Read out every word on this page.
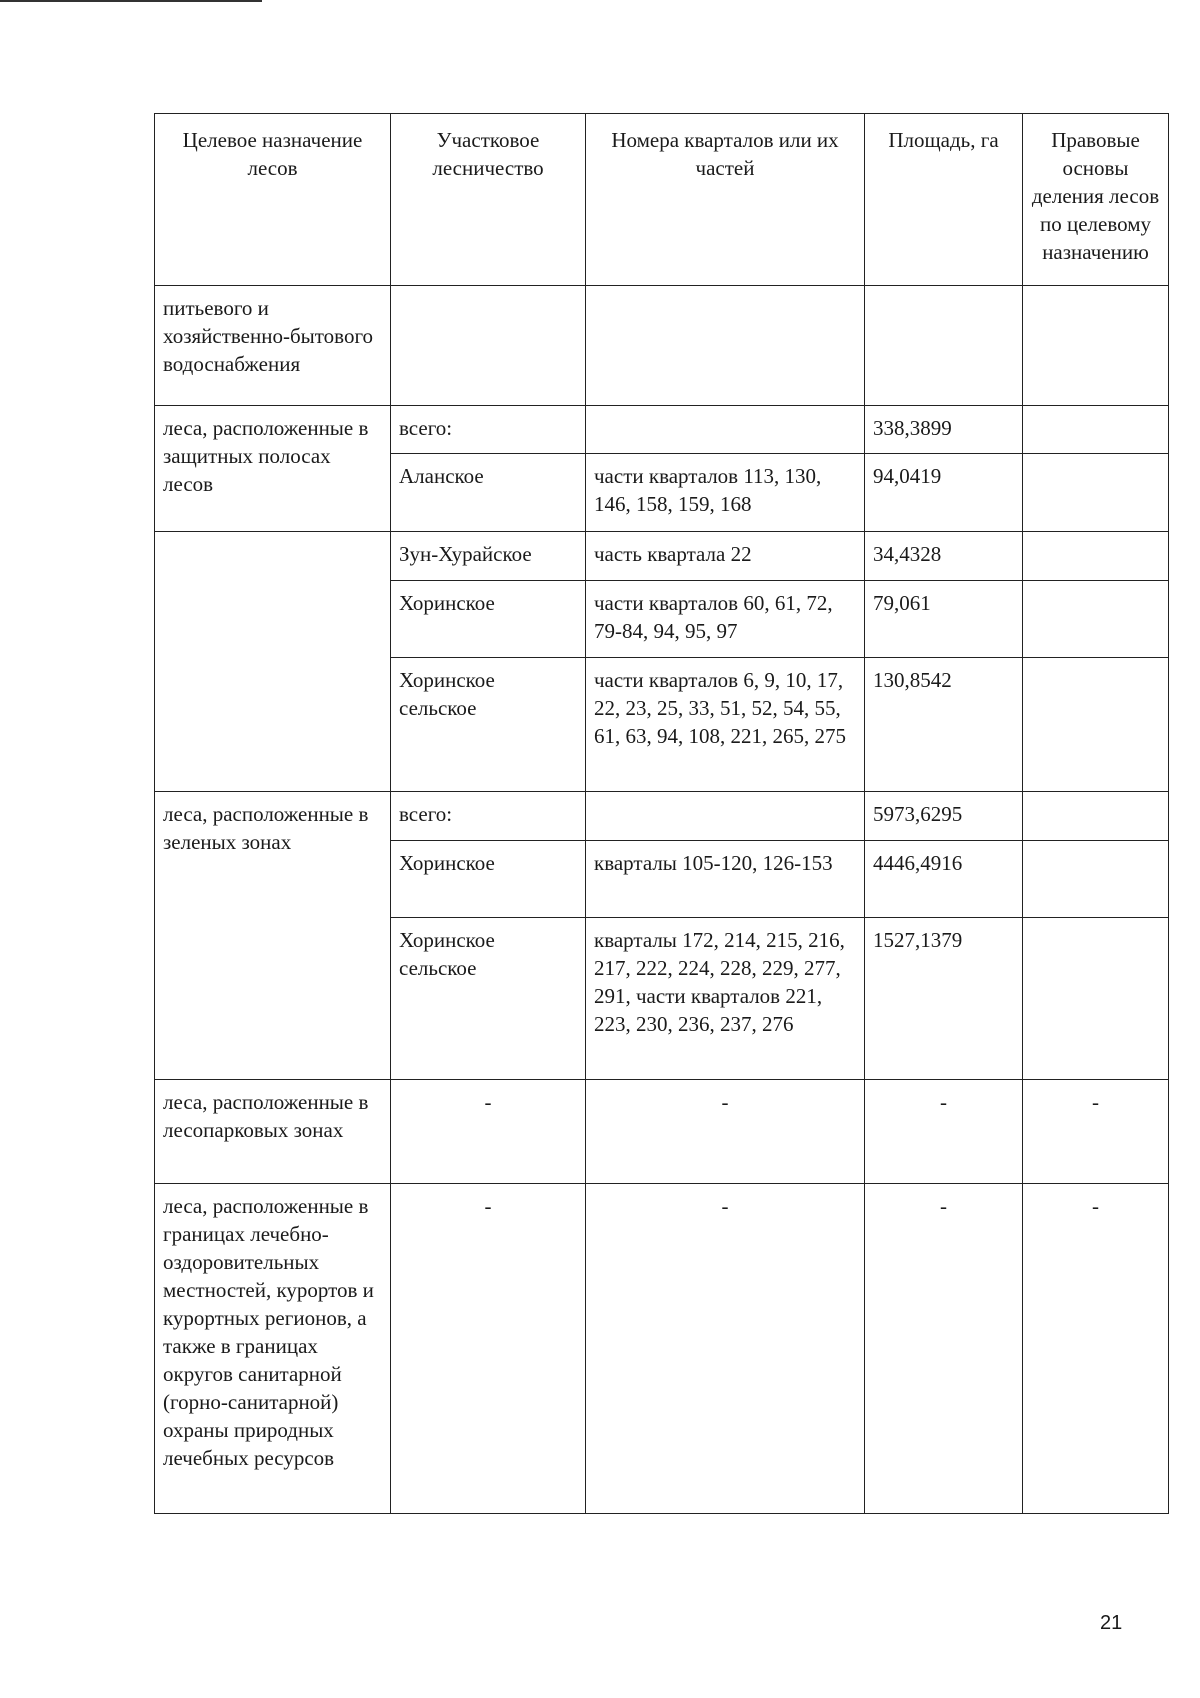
Целевое назначение лесов	Участковое лесничество	Номера кварталов или их частей	Площадь, га	Правовые основы деления лесов по целевому назначению
питьевого и хозяйственно-бытового водоснабжения				
леса, расположенные в защитных полосах лесов	всего:		338,3899	
	Аланское	части кварталов 113, 130, 146, 158, 159, 168	94,0419	
	Зун-Хурайское	часть квартала 22	34,4328	
	Хоринское	части кварталов 60, 61, 72, 79-84, 94, 95, 97	79,061	
	Хоринское сельское	части кварталов 6, 9, 10, 17, 22, 23, 25, 33, 51, 52, 54, 55, 61, 63, 94, 108, 221, 265, 275	130,8542	
леса, расположенные в зеленых зонах	всего:		5973,6295	
	Хоринское	кварталы 105-120, 126-153	4446,4916	
	Хоринское сельское	кварталы 172, 214, 215, 216, 217, 222, 224, 228, 229, 277, 291, части кварталов 221, 223, 230, 236, 237, 276	1527,1379	
леса, расположенные в лесопарковых зонах	-	-	-	-
леса, расположенные в границах лечебно-оздоровительных местностей, курортов и курортных регионов, а также в границах округов санитарной (горно-санитарной) охраны природных лечебных ресурсов	-	-	-	-
21
